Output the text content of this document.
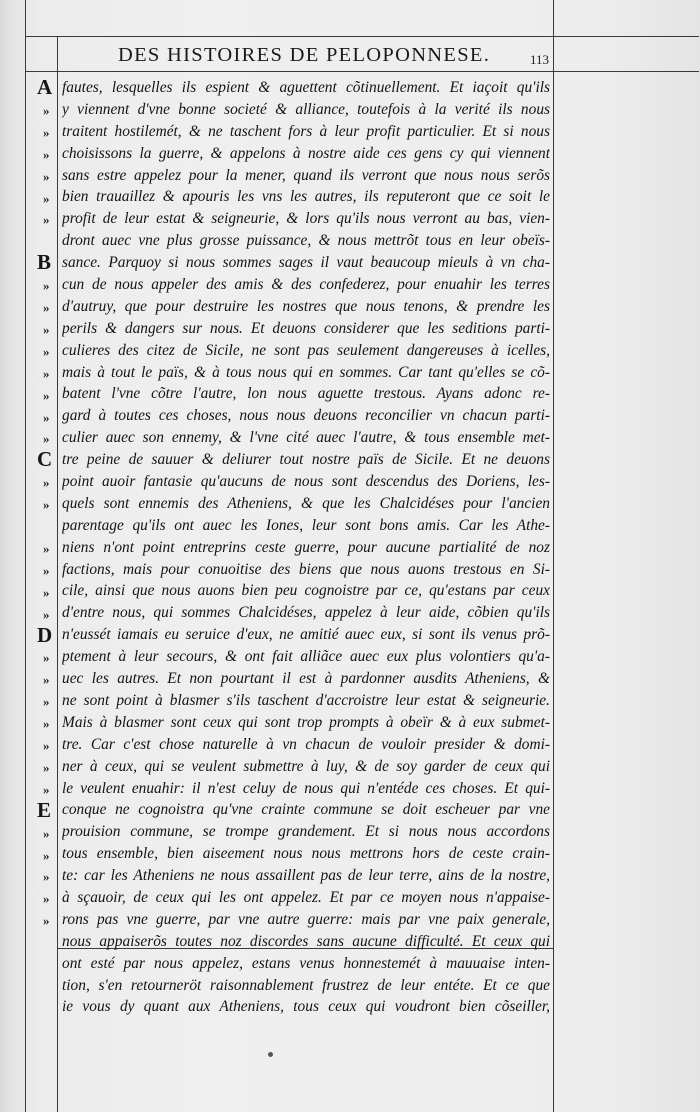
DES HISTOIRES DE PELOPONNESE.	113
A
B
C
D
E
»
»
»
»
»
»
»
»
»
»
»
»
»
»
»
»
»
»
»
»
»
»
»
»
»
»
»
»
»
»
»
»
fautes, lesquelles ils espient & aguettent cõtinuellement. Et iaçoit qu'ils
y viennent d'vne bonne societé & alliance, toutefois à la verité ils nous
traitent hostilemét, & ne taschent fors à leur profit particulier. Et si nous
choisissons la guerre, & appelons à nostre aide ces gens cy qui viennent
sans estre appelez pour la mener, quand ils verront que nous nous serõs
bien trauaillez & apouris les vns les autres, ils reputeront que ce soit le
profit de leur estat & seigneurie, & lors qu'ils nous verront au bas, vien-
dront auec vne plus grosse puissance, & nous mettrõt tous en leur obeïs-
sance. Parquoy si nous sommes sages il vaut beaucoup mieuls à vn cha-
cun de nous appeler des amis & des confederez, pour enuahir les terres
d'autruy, que pour destruire les nostres que nous tenons, & prendre les
perils & dangers sur nous. Et deuons considerer que les seditions parti-
culieres des citez de Sicile, ne sont pas seulement dangereuses à icelles,
mais à tout le païs, & à tous nous qui en sommes. Car tant qu'elles se cõ-
batent l'vne cõtre l'autre, lon nous aguette trestous. Ayans adonc re-
gard à toutes ces choses, nous nous deuons reconcilier vn chacun parti-
culier auec son ennemy, & l'vne cité auec l'autre, & tous ensemble met-
tre peine de sauuer & deliurer tout nostre païs de Sicile. Et ne deuons
point auoir fantasie qu'aucuns de nous sont descendus des Doriens, les-
quels sont ennemis des Atheniens, & que les Chalcidéses pour l'ancien
parentage qu'ils ont auec les Iones, leur sont bons amis. Car les Athe-
niens n'ont point entreprins ceste guerre, pour aucune partialité de noz
factions, mais pour conuoitise des biens que nous auons trestous en Si-
cile, ainsi que nous auons bien peu cognoistre par ce, qu'estans par ceux
d'entre nous, qui sommes Chalcidéses, appelez à leur aide, cõbien qu'ils
n'eussét iamais eu seruice d'eux, ne amitié auec eux, si sont ils venus prõ-
ptement à leur secours, & ont fait alliãce auec eux plus volontiers qu'a-
uec les autres. Et non pourtant il est à pardonner ausdits Atheniens, &
ne sont point à blasmer s'ils taschent d'accroistre leur estat & seigneurie.
Mais à blasmer sont ceux qui sont trop prompts à obeïr & à eux submet-
tre. Car c'est chose naturelle à vn chacun de vouloir presider & domi-
ner à ceux, qui se veulent submettre à luy, & de soy garder de ceux qui
le veulent enuahir: il n'est celuy de nous qui n'entéde ces choses. Et qui-
conque ne cognoistra qu'vne crainte commune se doit escheuer par vne
prouision commune, se trompe grandement. Et si nous nous accordons
tous ensemble, bien aiseement nous nous mettrons hors de ceste crain-
te: car les Atheniens ne nous assaillent pas de leur terre, ains de la nostre,
à sçauoir, de ceux qui les ont appelez. Et par ce moyen nous n'appaise-
rons pas vne guerre, par vne autre guerre: mais par vne paix generale,
nous appaiserõs toutes noz discordes sans aucune difficulté. Et ceux qui
ont esté par nous appelez, estans venus honnestemét à mauuaise inten-
tion, s'en retourneröt raisonnablement frustrez de leur entéte. Et ce que
ie vous dy quant aux Atheniens, tous ceux qui voudront bien cõseiller,
